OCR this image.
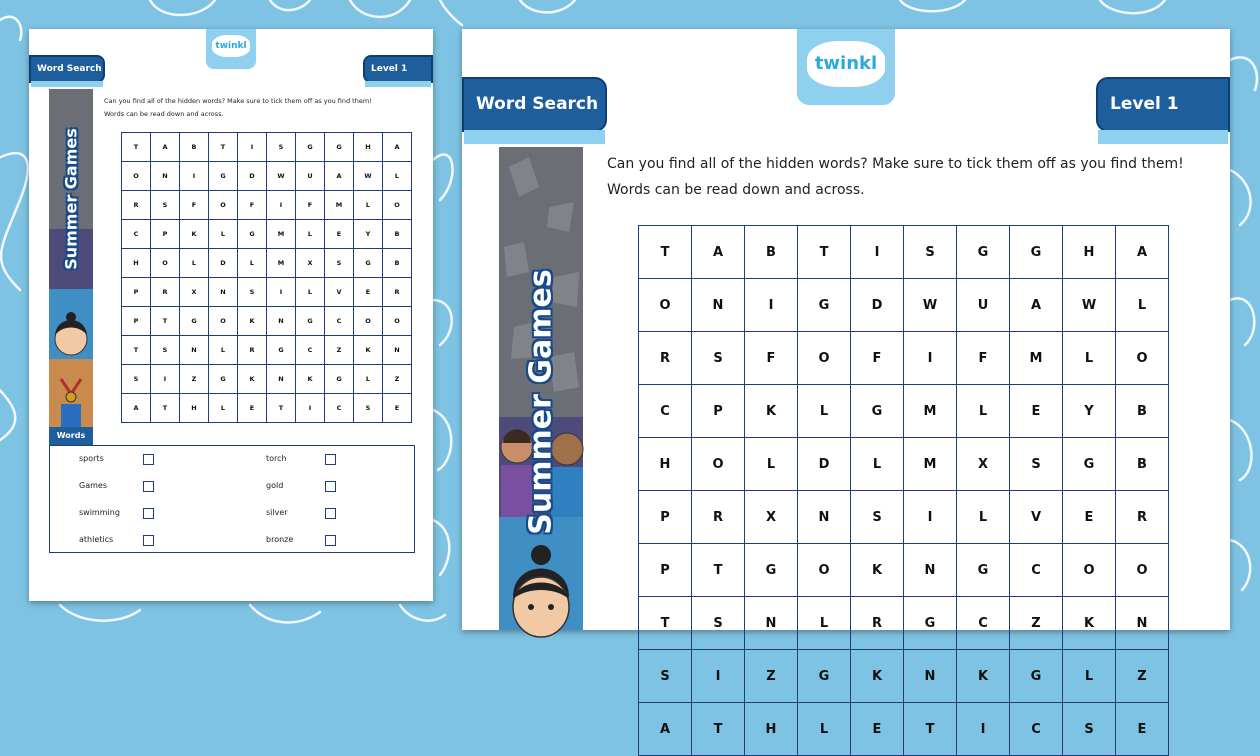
twinkl
Word Search	Level 1
Summer Games
Can you find all of the hidden words? Make sure to tick them off as you find them!
Words can be read down and across.
T	A	B	T	I	S	G	G	H	A
O	N	I	G	D	W	U	A	W	L
R	S	F	O	F	I	F	M	L	O
C	P	K	L	G	M	L	E	Y	B
H	O	L	D	L	M	X	S	G	B
P	R	X	N	S	I	L	V	E	R
P	T	G	O	K	N	G	C	O	O
T	S	N	L	R	G	C	Z	K	N
S	I	Z	G	K	N	K	G	L	Z
A	T	H	L	E	T	I	C	S	E
Words
sports
Games
swimming
athletics
torch
gold
silver
bronze
twinkl
Word Search	Level 1
Summer Games
Can you find all of the hidden words? Make sure to tick them off as you find them!
Words can be read down and across.
T	A	B	T	I	S	G	G	H	A
O	N	I	G	D	W	U	A	W	L
R	S	F	O	F	I	F	M	L	O
C	P	K	L	G	M	L	E	Y	B
H	O	L	D	L	M	X	S	G	B
P	R	X	N	S	I	L	V	E	R
P	T	G	O	K	N	G	C	O	O
T	S	N	L	R	G	C	Z	K	N
S	I	Z	G	K	N	K	G	L	Z
A	T	H	L	E	T	I	C	S	E
